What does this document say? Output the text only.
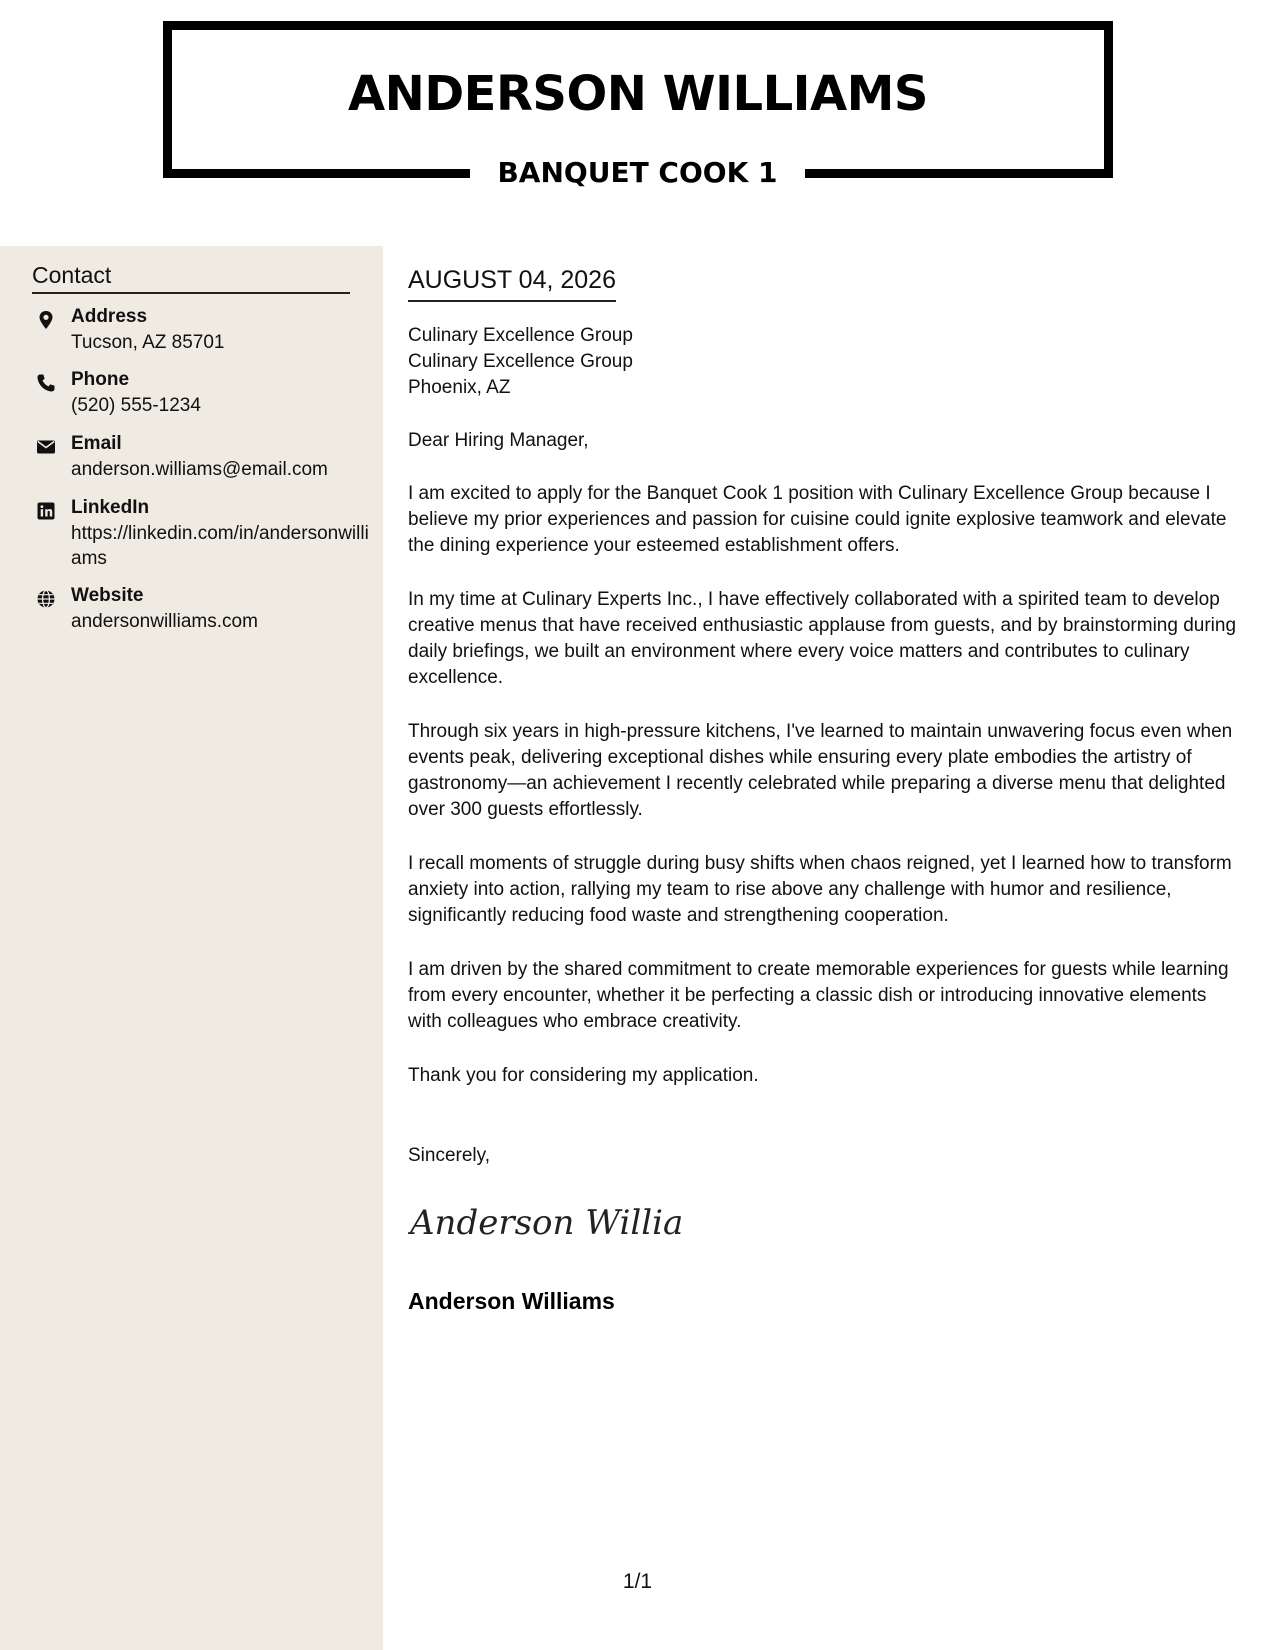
ANDERSON WILLIAMS
BANQUET COOK 1
Contact
Address
Tucson, AZ 85701
Phone
(520) 555-1234
Email
anderson.williams@email.com
LinkedIn
https://linkedin.com/in/andersonwilliams
Website
andersonwilliams.com
AUGUST 04, 2026
Culinary Excellence Group
Culinary Excellence Group
Phoenix, AZ

Dear Hiring Manager,

I am excited to apply for the Banquet Cook 1 position with Culinary Excellence Group because I believe my prior experiences and passion for cuisine could ignite explosive teamwork and elevate the dining experience your esteemed establishment offers.

In my time at Culinary Experts Inc., I have effectively collaborated with a spirited team to develop creative menus that have received enthusiastic applause from guests, and by brainstorming during daily briefings, we built an environment where every voice matters and contributes to culinary excellence.

Through six years in high-pressure kitchens, I've learned to maintain unwavering focus even when events peak, delivering exceptional dishes while ensuring every plate embodies the artistry of gastronomy—an achievement I recently celebrated while preparing a diverse menu that delighted over 300 guests effortlessly.

I recall moments of struggle during busy shifts when chaos reigned, yet I learned how to transform anxiety into action, rallying my team to rise above any challenge with humor and resilience, significantly reducing food waste and strengthening cooperation.

I am driven by the shared commitment to create memorable experiences for guests while learning from every encounter, whether it be perfecting a classic dish or introducing innovative elements with colleagues who embrace creativity.

Thank you for considering my application.

Sincerely,

Anderson Willia
Anderson Williams
1/1
